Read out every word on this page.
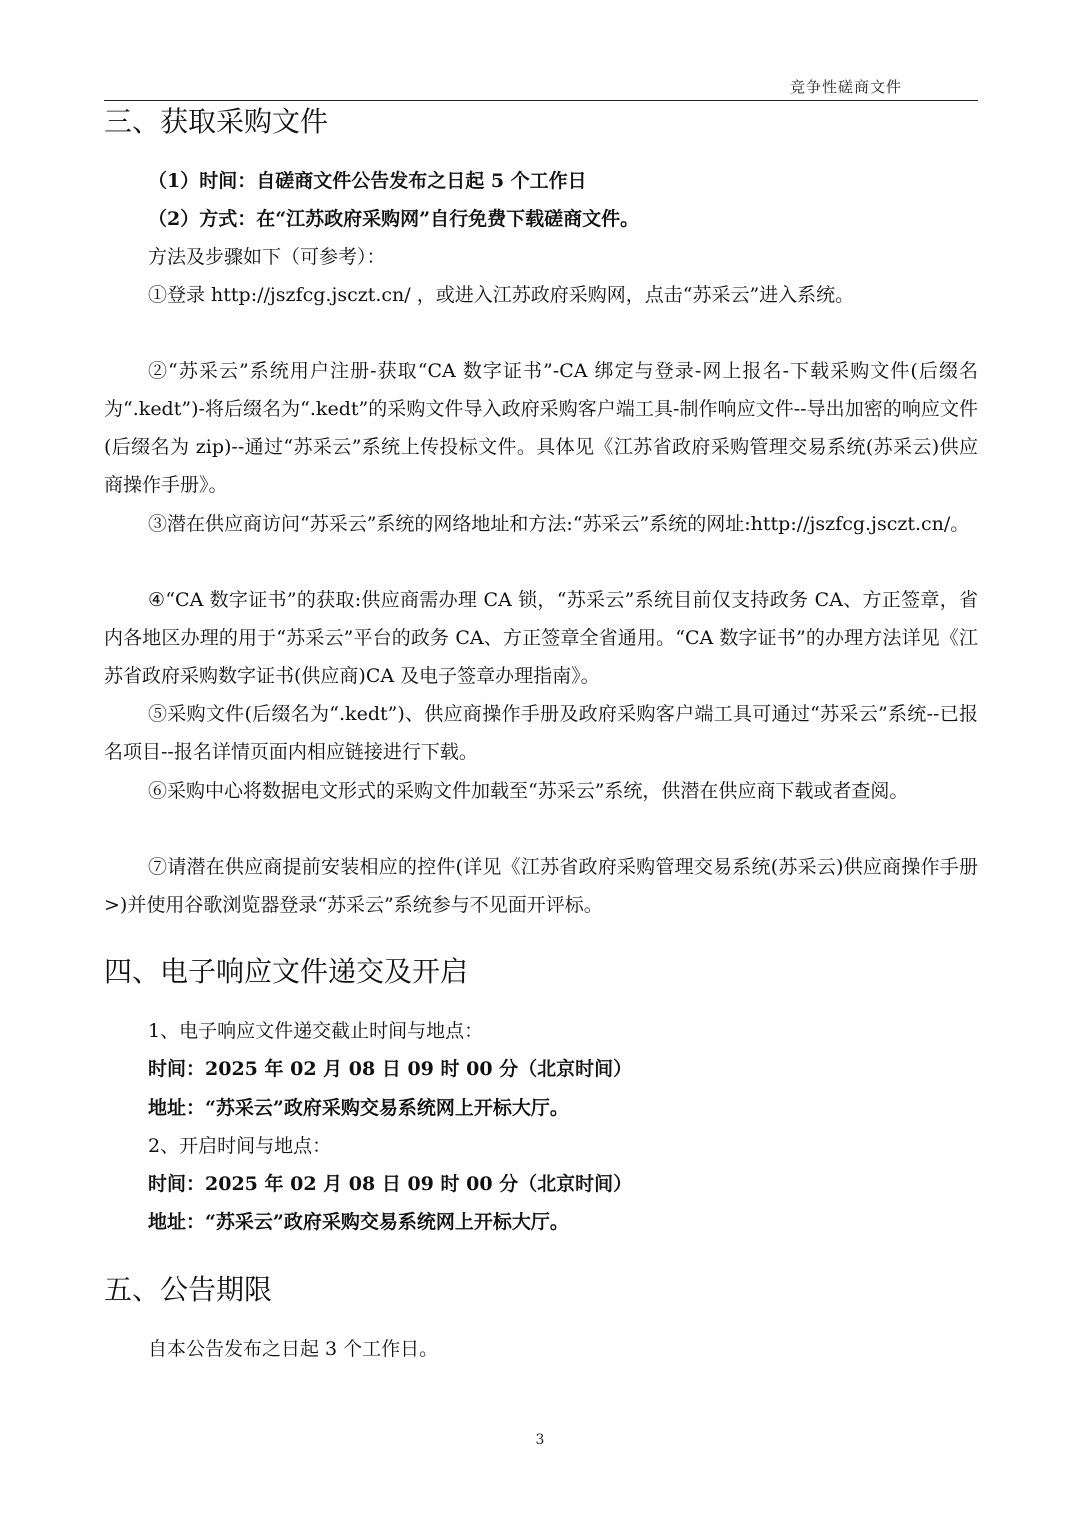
竞争性磋商文件
三、获取采购文件

（1）时间：自磋商文件公告发布之日起 5 个工作日

（2）方式：在“江苏政府采购网”自行免费下载磋商文件。

方法及步骤如下（可参考）：

①登录 http://jszfcg.jsczt.cn/ ，或进入江苏政府采购网，点击“苏采云”进入系统。

②“苏采云”系统用户注册-获取“CA 数字证书”-CA 绑定与登录-网上报名-下载采购文件(后缀名为“.kedt”)-将后缀名为“.kedt”的采购文件导入政府采购客户端工具-制作响应文件--导出加密的响应文件(后缀名为 zip)--通过“苏采云”系统上传投标文件。具体见《江苏省政府采购管理交易系统(苏采云)供应商操作手册》。

③潜在供应商访问“苏采云”系统的网络地址和方法:“苏采云”系统的网址:http://jszfcg.jsczt.cn/。

④“CA 数字证书”的获取:供应商需办理 CA 锁，“苏采云”系统目前仅支持政务 CA、方正签章，省内各地区办理的用于“苏采云”平台的政务 CA、方正签章全省通用。“CA 数字证书”的办理方法详见《江苏省政府采购数字证书(供应商)CA 及电子签章办理指南》。

⑤采购文件(后缀名为“.kedt”)、供应商操作手册及政府采购客户端工具可通过“苏采云”系统--已报名项目--报名详情页面内相应链接进行下载。

⑥采购中心将数据电文形式的采购文件加载至“苏采云”系统，供潜在供应商下载或者查阅。

⑦请潜在供应商提前安装相应的控件(详见《江苏省政府采购管理交易系统(苏采云)供应商操作手册>)并使用谷歌浏览器登录“苏采云”系统参与不见面开评标。

四、电子响应文件递交及开启

1、电子响应文件递交截止时间与地点：

时间：2025 年 02 月 08 日 09 时 00 分（北京时间）

地址：“苏采云”政府采购交易系统网上开标大厅。

2、开启时间与地点：

时间：2025 年 02 月 08 日 09 时 00 分（北京时间）

地址：“苏采云”政府采购交易系统网上开标大厅。

五、公告期限

自本公告发布之日起 3 个工作日。

3
